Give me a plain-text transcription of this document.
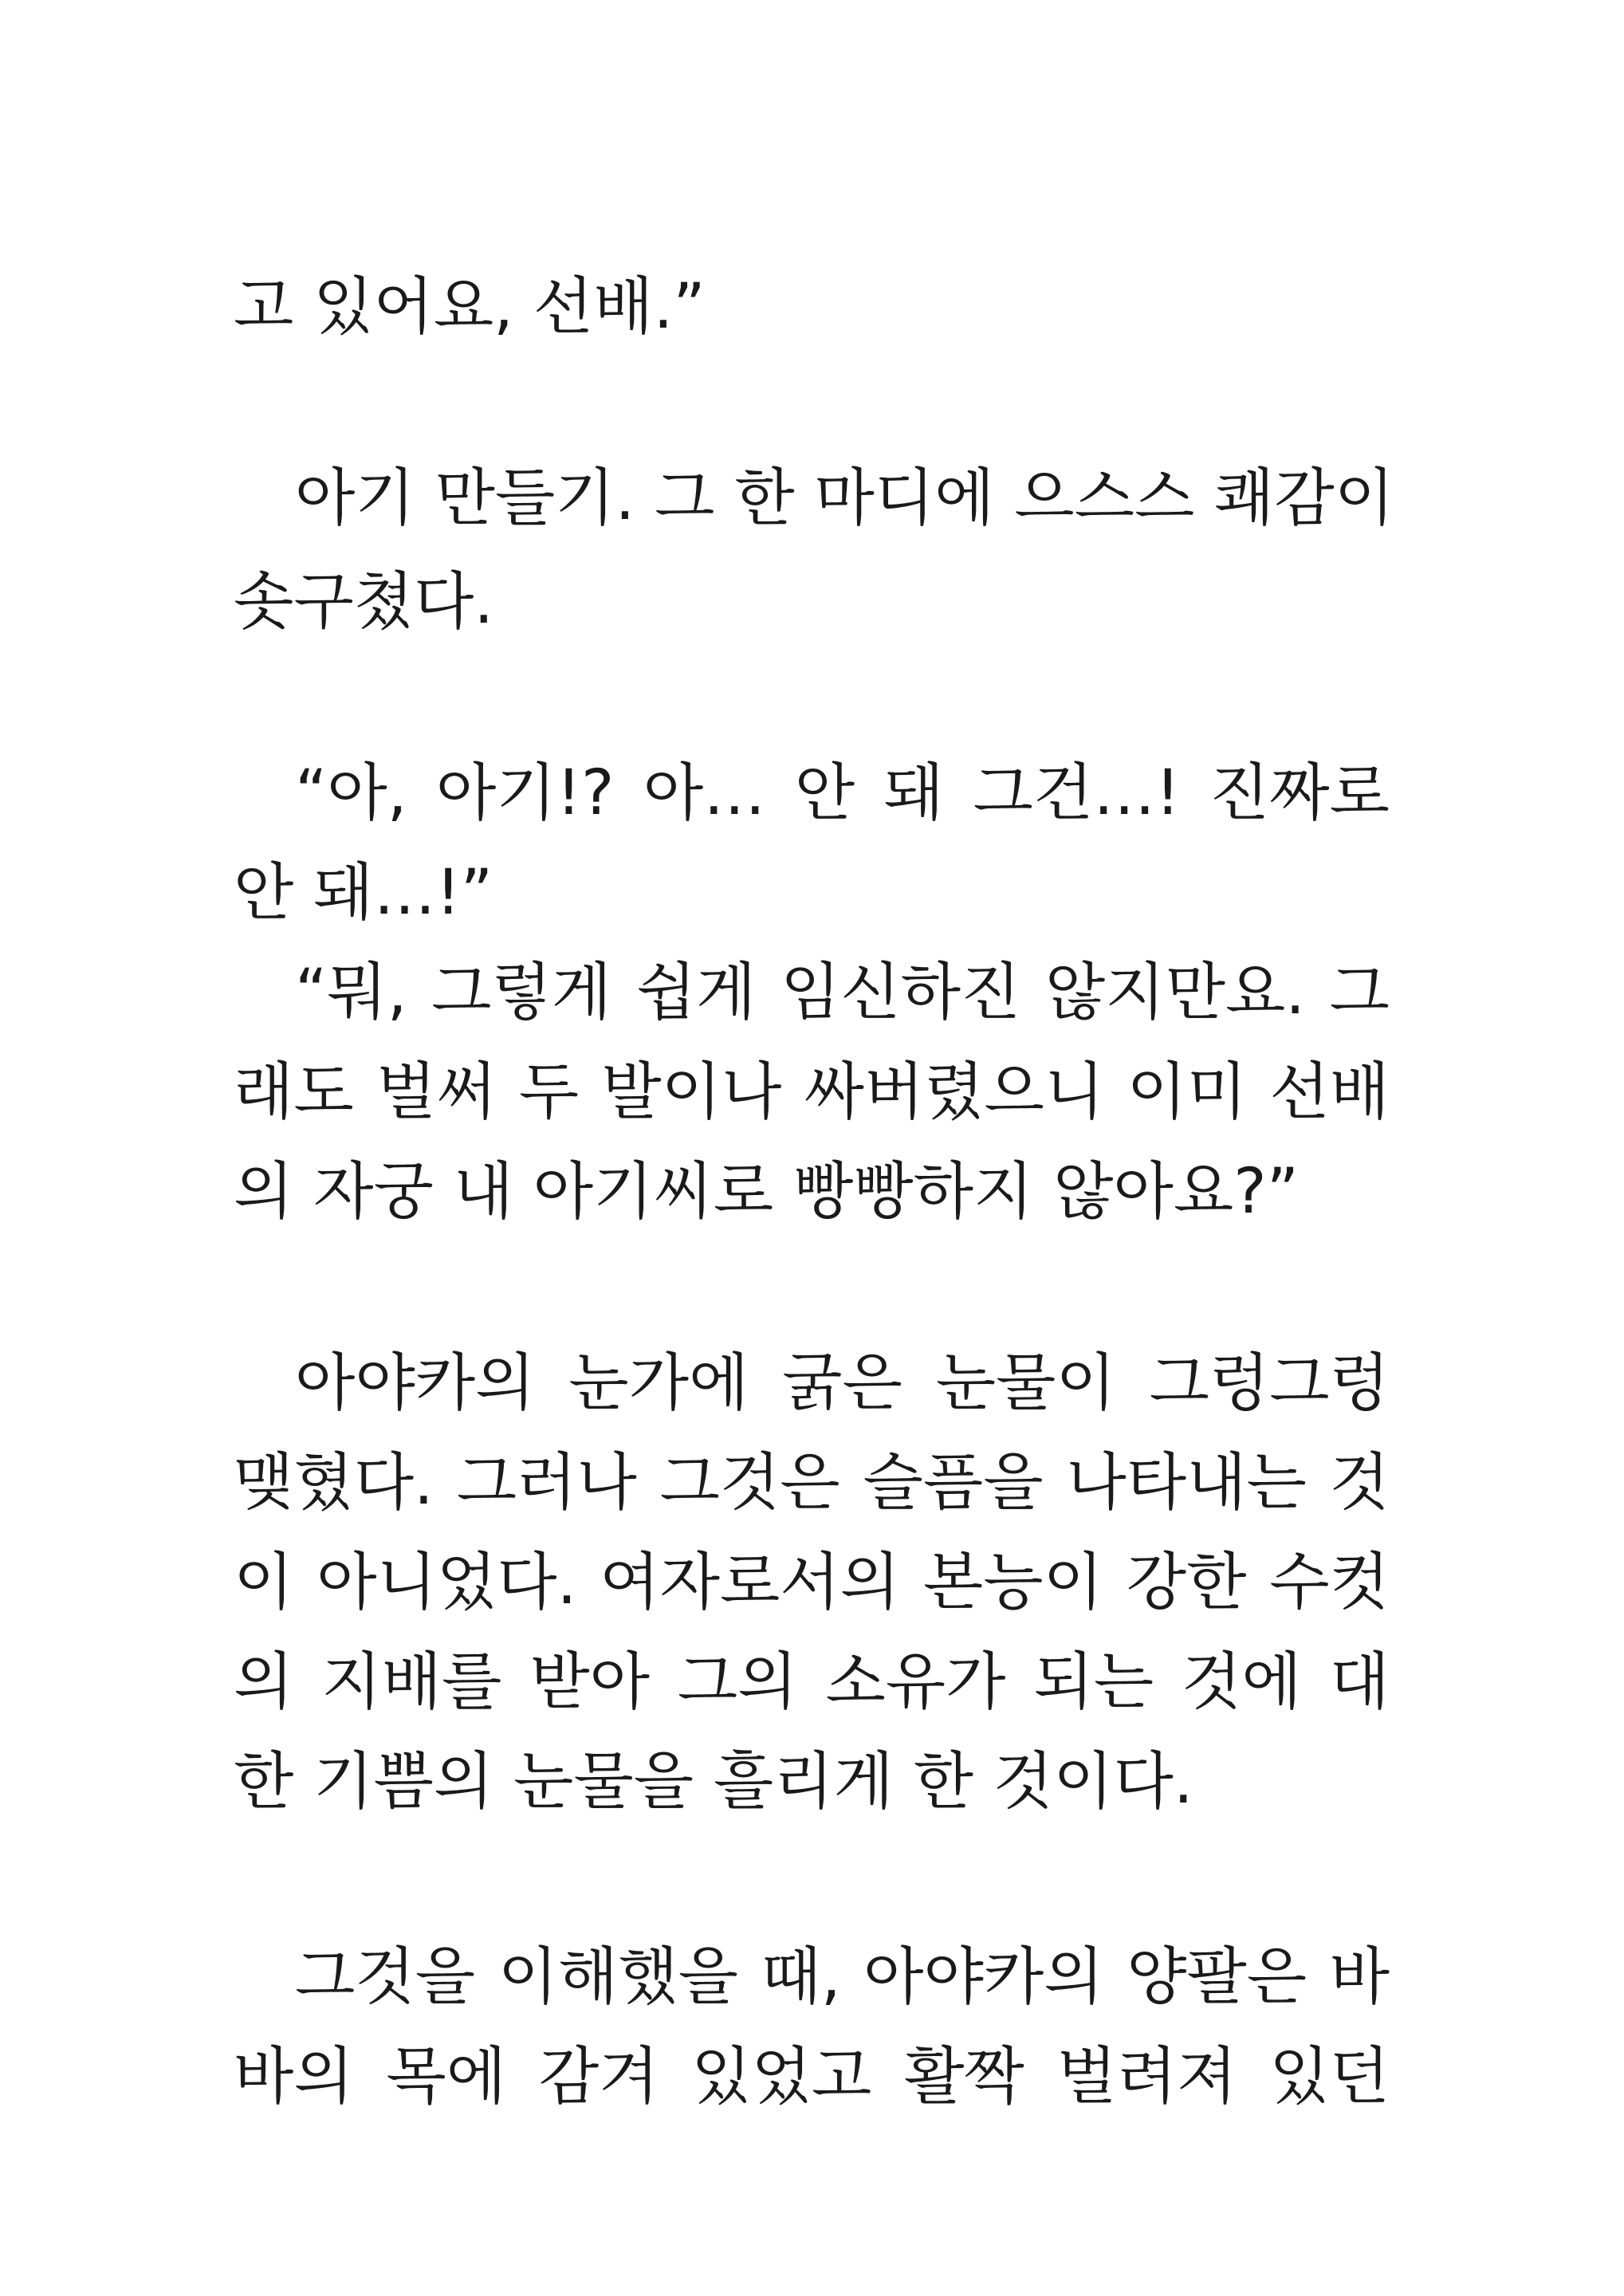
고 있어요, 선배.”
아기 만들기. 그 한 마디에 으스스 쾌감이
솟구쳤다.
“아, 아기!? 아… 안 돼 그건…! 진짜로
안 돼…!”
“뭐, 그렇게 쉽게 임신하진 않지만요. 그
래도 벌써 두 발이나 싸버렸으니 이미 선배
의 자궁 내 아기씨로 빵빵하지 않아요?”
아야카의 눈가에 굵은 눈물이 그렁그렁
맺혔다. 그러나 그것은 슬픔을 나타내는 것
이 아니었다. 여자로서의 본능이 강한 수컷
의 지배를 받아 그의 소유가 되는 것에 대
한 기쁨의 눈물을 흘리게 한 것이다.
그것을 이해했을 때, 아야카의 양팔은 바
바의 목에 감겨 있었고 활짝 벌려져 있던
